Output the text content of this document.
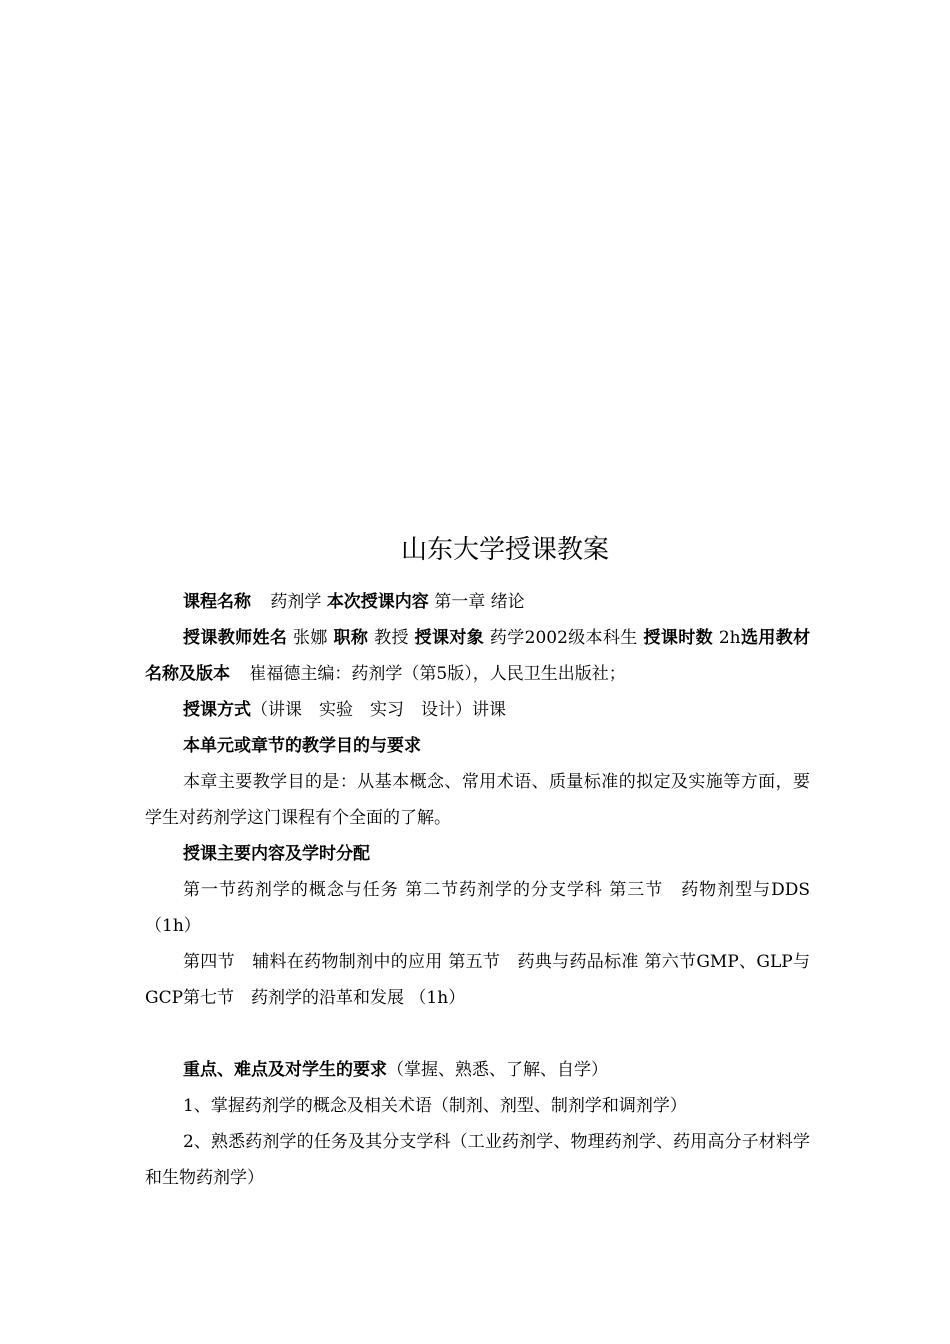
山东大学授课教案

课程名称 药剂学 本次授课内容 第一章 绪论

授课教师姓名 张娜 职称 教授 授课对象 药学2002级本科生 授课时数 2h选用教材名称及版本 崔福德主编：药剂学（第5版），人民卫生出版社；

授课方式（讲课　实验　实习　设计）讲课

本单元或章节的教学目的与要求

本章主要教学目的是：从基本概念、常用术语、质量标准的拟定及实施等方面，要学生对药剂学这门课程有个全面的了解。

授课主要内容及学时分配

第一节药剂学的概念与任务 第二节药剂学的分支学科 第三节　药物剂型与DDS （1h）

第四节　辅料在药物制剂中的应用 第五节　药典与药品标准 第六节GMP、GLP与GCP第七节　药剂学的沿革和发展 （1h）

重点、难点及对学生的要求（掌握、熟悉、了解、自学）

1、掌握药剂学的概念及相关术语（制剂、剂型、制剂学和调剂学）

2、熟悉药剂学的任务及其分支学科（工业药剂学、物理药剂学、药用高分子材料学和生物药剂学）
